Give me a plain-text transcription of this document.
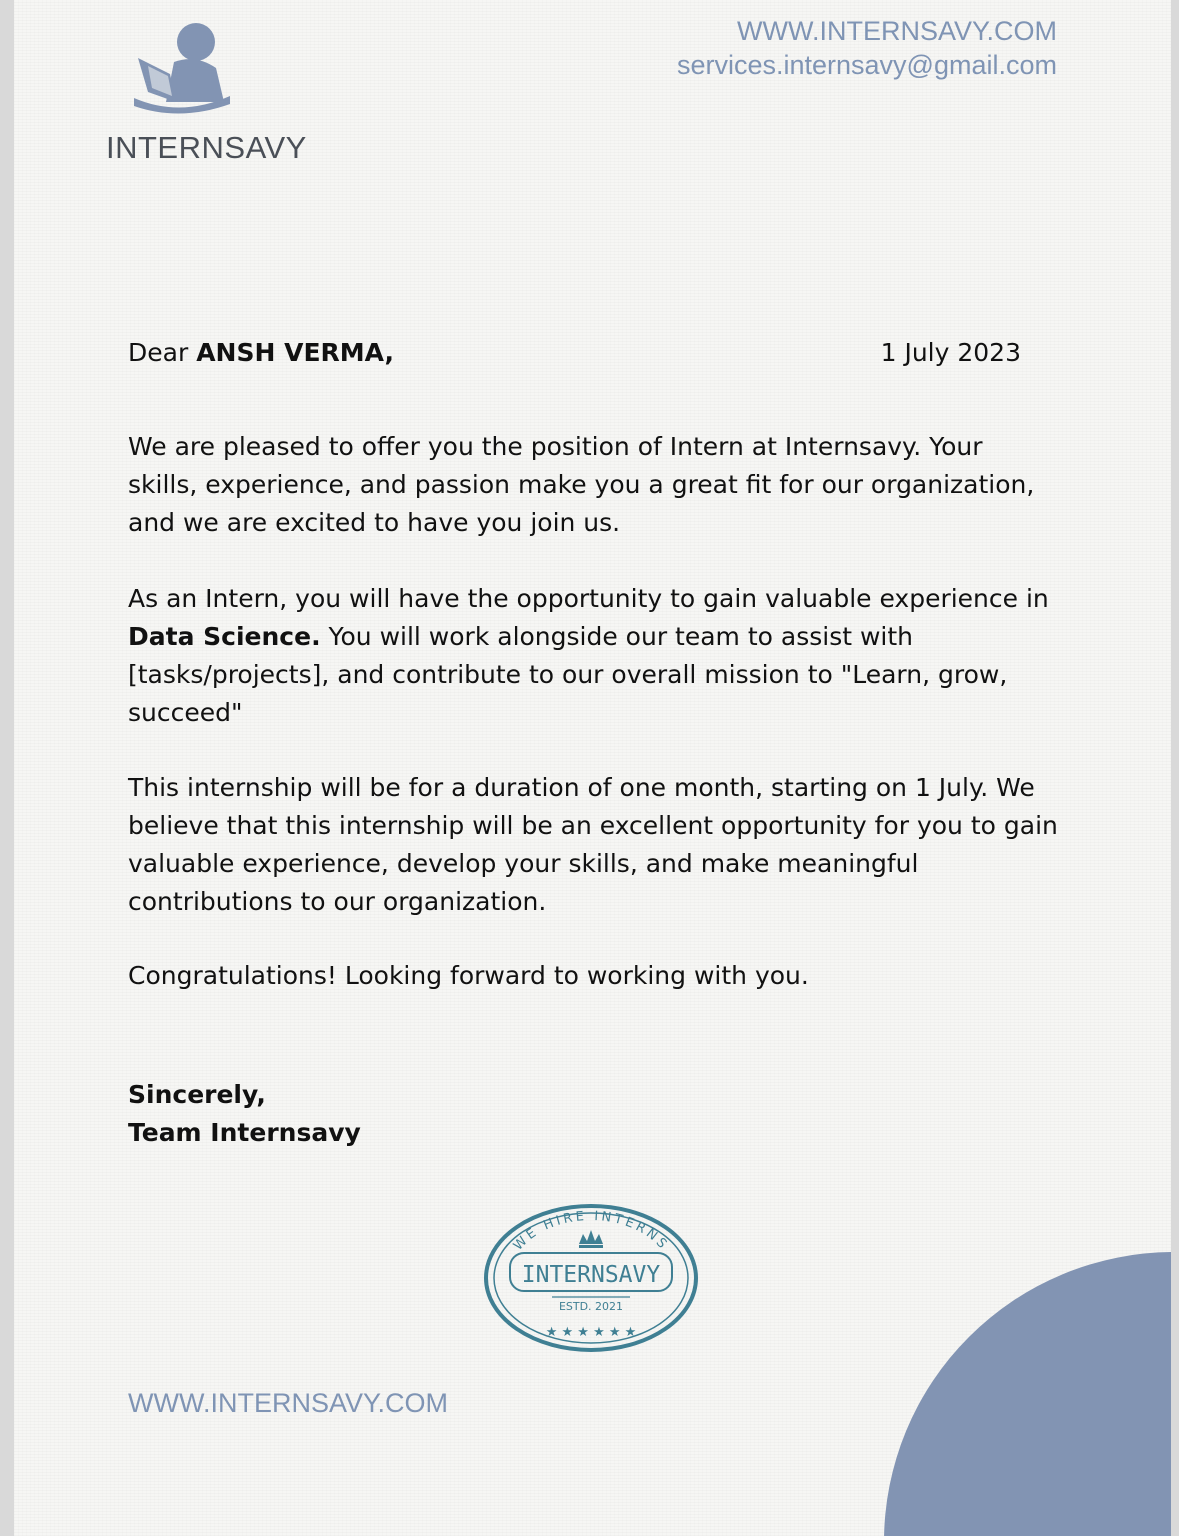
INTERNSAVY
WWW.INTERNSAVY.COM
services.internsavy@gmail.com
Dear ANSH VERMA,	1 July 2023
We are pleased to offer you the position of Intern at Internsavy. Your skills, experience, and passion make you a great fit for our organization, and we are excited to have you join us.
As an Intern, you will have the opportunity to gain valuable experience in Data Science. You will work alongside our team to assist with [tasks/projects], and contribute to our overall mission to "Learn, grow, succeed"
This internship will be for a duration of one month, starting on 1 July. We believe that this internship will be an excellent opportunity for you to gain valuable experience, develop your skills, and make meaningful contributions to our organization.
Congratulations! Looking forward to working with you.
Sincerely,
Team Internsavy
WE HIRE INTERNS
INTERNSAVY
ESTD. 2021
★ ★ ★ ★ ★ ★
WWW.INTERNSAVY.COM
